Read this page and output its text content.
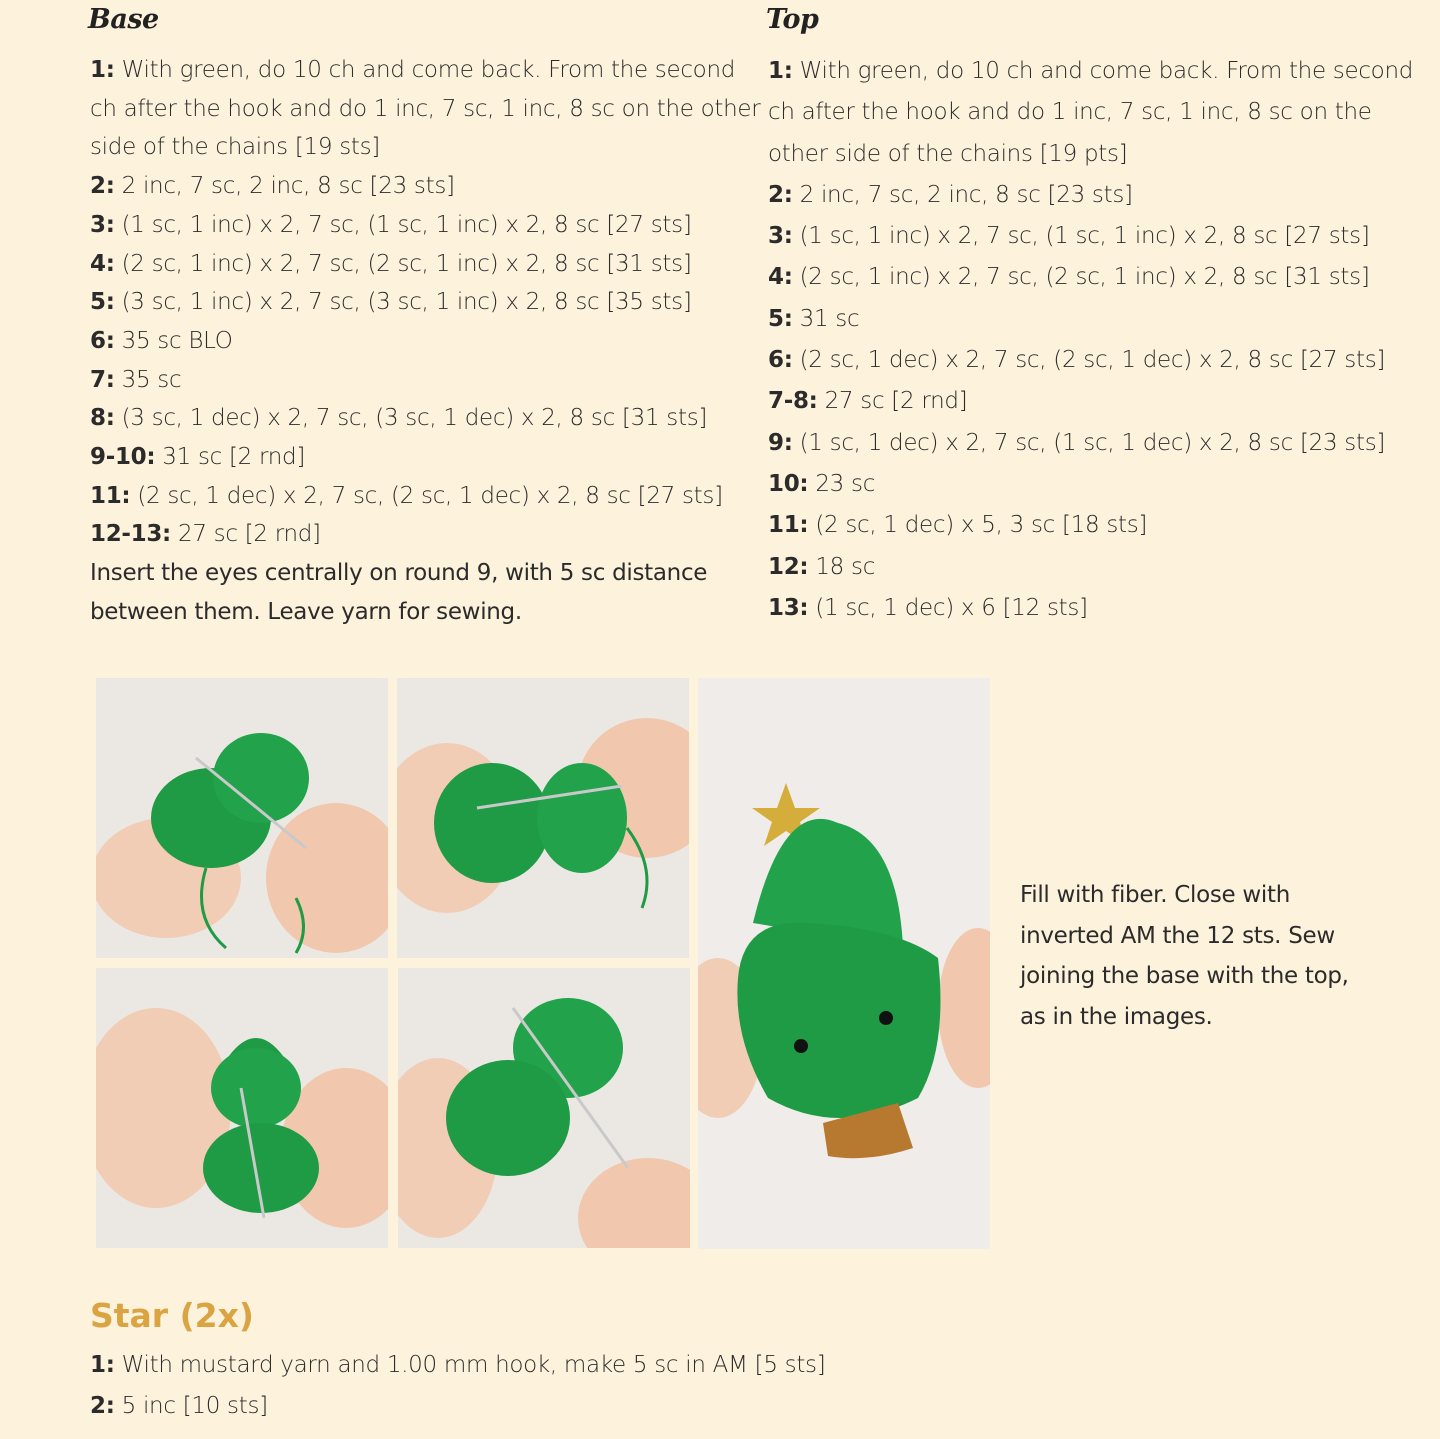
Base

1: With green, do 10 ch and come back. From the second

ch after the hook and do 1 inc, 7 sc, 1 inc, 8 sc on the other

side of the chains [19 sts]

2: 2 inc, 7 sc, 2 inc, 8 sc [23 sts]

3: (1 sc, 1 inc) x 2, 7 sc, (1 sc, 1 inc) x 2, 8 sc [27 sts]

4: (2 sc, 1 inc) x 2, 7 sc, (2 sc, 1 inc) x 2, 8 sc [31 sts]

5: (3 sc, 1 inc) x 2, 7 sc, (3 sc, 1 inc) x 2, 8 sc [35 sts]

6: 35 sc BLO

7: 35 sc

8: (3 sc, 1 dec) x 2, 7 sc, (3 sc, 1 dec) x 2, 8 sc [31 sts]

9-10: 31 sc [2 rnd]

11: (2 sc, 1 dec) x 2, 7 sc, (2 sc, 1 dec) x 2, 8 sc [27 sts]

12-13: 27 sc [2 rnd]

Insert the eyes centrally on round 9, with 5 sc distance

between them. Leave yarn for sewing.

Top

1: With green, do 10 ch and come back. From the second

ch after the hook and do 1 inc, 7 sc, 1 inc, 8 sc on the

other side of the chains [19 pts]

2: 2 inc, 7 sc, 2 inc, 8 sc [23 sts]

3: (1 sc, 1 inc) x 2, 7 sc, (1 sc, 1 inc) x 2, 8 sc [27 sts]

4: (2 sc, 1 inc) x 2, 7 sc, (2 sc, 1 inc) x 2, 8 sc [31 sts]

5: 31 sc

6: (2 sc, 1 dec) x 2, 7 sc, (2 sc, 1 dec) x 2, 8 sc [27 sts]

7-8: 27 sc [2 rnd]

9: (1 sc, 1 dec) x 2, 7 sc, (1 sc, 1 dec) x 2, 8 sc [23 sts]

10: 23 sc

11: (2 sc, 1 dec) x 5, 3 sc [18 sts]

12: 18 sc

13: (1 sc, 1 dec) x 6 [12 sts]

Fill with fiber. Close with inverted AM the 12 sts. Sew joining the base with the top, as in the images.
Star (2x)

1: With mustard yarn and 1.00 mm hook, make 5 sc in AM [5 sts]

2: 5 inc [10 sts]
